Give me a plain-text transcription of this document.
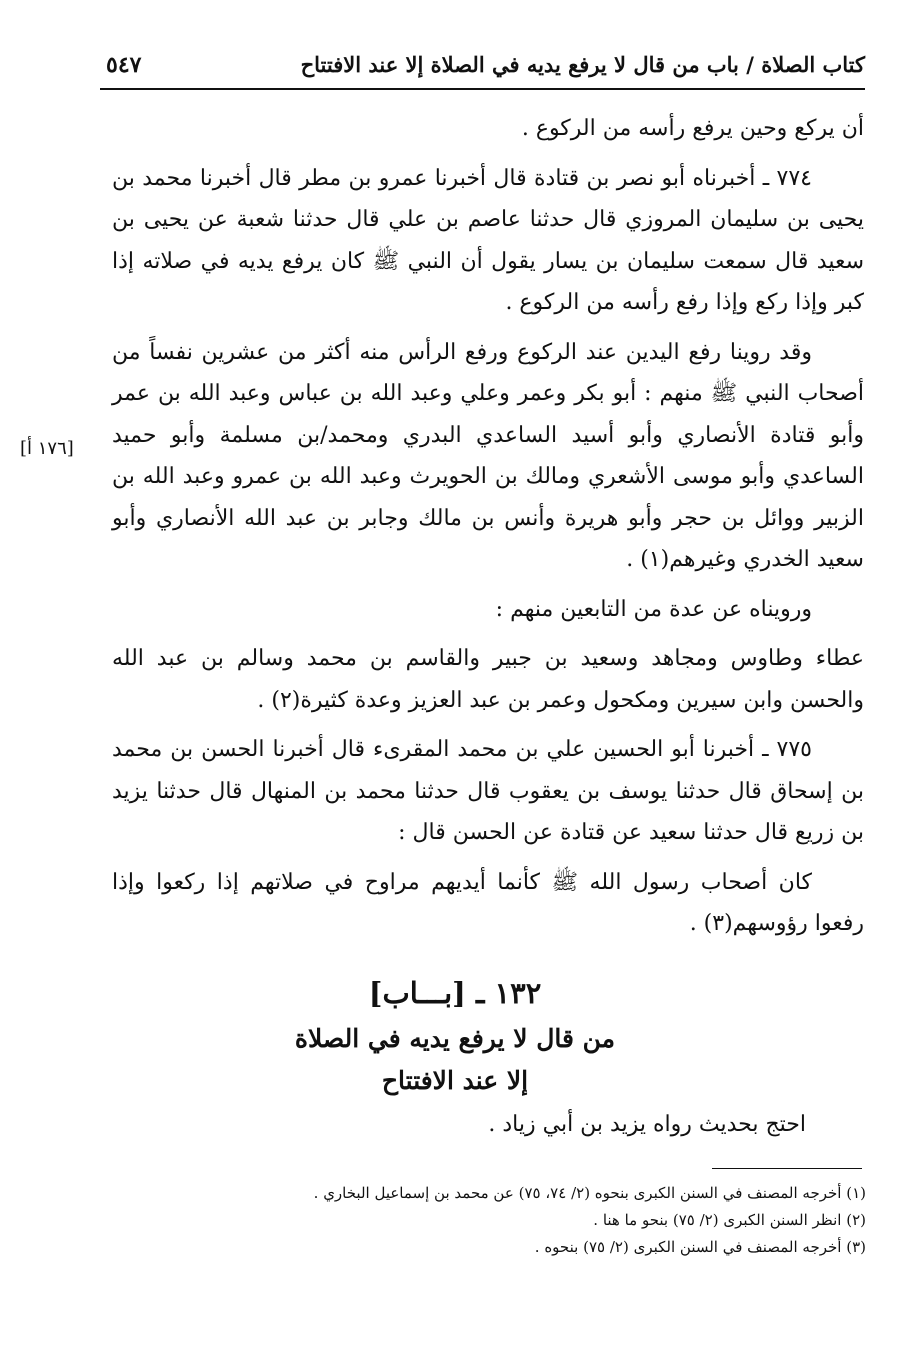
كتاب الصلاة / باب من قال لا يرفع يديه في الصلاة إلا عند الافتتاح
٥٤٧

أن يركع وحين يرفع رأسه من الركوع .

٧٧٤ ـ أخبرناه أبو نصر بن قتادة قال أخبرنا عمرو بن مطر قال أخبرنا محمد بن يحيى بن سليمان المروزي قال حدثنا عاصم بن علي قال حدثنا شعبة عن يحيى بن سعيد قال سمعت سليمان بن يسار يقول أن النبي ﷺ كان يرفع يديه في صلاته إذا كبر وإذا ركع وإذا رفع رأسه من الركوع .

وقد روينا رفع اليدين عند الركوع ورفع الرأس منه أكثر من عشرين نفساً من أصحاب النبي ﷺ منهم : أبو بكر وعمر وعلي وعبد الله بن عباس وعبد الله بن عمر وأبو قتادة الأنصاري وأبو أسيد الساعدي البدري ومحمد/بن مسلمة وأبو حميد الساعدي وأبو موسى الأشعري ومالك بن الحويرث وعبد الله بن عمرو وعبد الله بن الزبير ووائل بن حجر وأبو هريرة وأنس بن مالك وجابر بن عبد الله الأنصاري وأبو سعيد الخدري وغيرهم(١) .

ورويناه عن عدة من التابعين منهم :

عطاء وطاوس ومجاهد وسعيد بن جبير والقاسم بن محمد وسالم بن عبد الله والحسن وابن سيرين ومكحول وعمر بن عبد العزيز وعدة كثيرة(٢) .

٧٧٥ ـ أخبرنا أبو الحسين علي بن محمد المقرىء قال أخبرنا الحسن بن محمد بن إسحاق قال حدثنا يوسف بن يعقوب قال حدثنا محمد بن المنهال قال حدثنا يزيد بن زريع قال حدثنا سعيد عن قتادة عن الحسن قال :

كان أصحاب رسول الله ﷺ كأنما أيديهم مراوح في صلاتهم إذا ركعوا وإذا رفعوا رؤوسهم(٣) .

[١٧٦ أ]
١٣٢ ـ [بـــاب]
من قال لا يرفع يديه في الصلاة
إلا عند الافتتاح
احتج بحديث رواه يزيد بن أبي زياد .
(١) أخرجه المصنف في السنن الكبرى بنحوه (٢/ ٧٤، ٧٥) عن محمد بن إسماعيل البخاري .
(٢) انظر السنن الكبرى (٢/ ٧٥) بنحو ما هنا .
(٣) أخرجه المصنف في السنن الكبرى (٢/ ٧٥) بنحوه .
